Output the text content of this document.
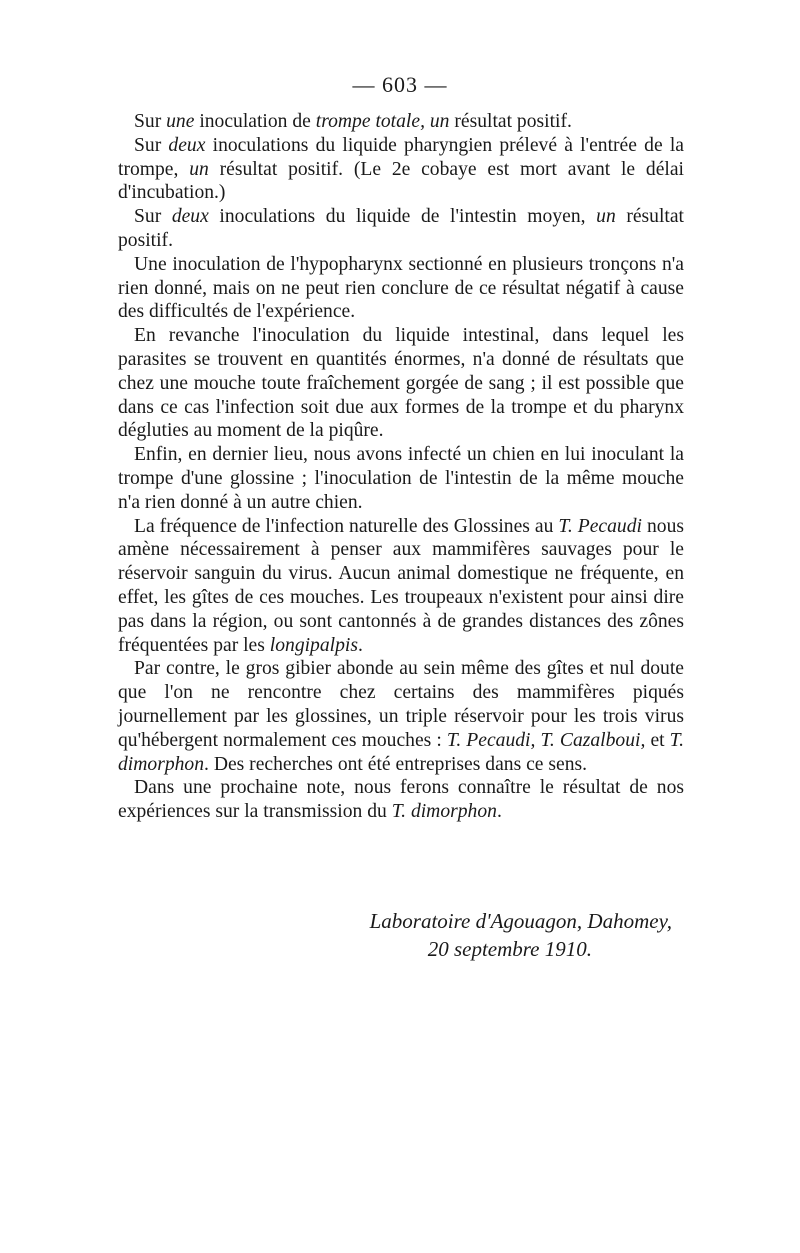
— 603 —

Sur une inoculation de trompe totale, un résultat positif.

Sur deux inoculations du liquide pharyngien prélevé à l'entrée de la trompe, un résultat positif. (Le 2e cobaye est mort avant le délai d'incubation.)

Sur deux inoculations du liquide de l'intestin moyen, un résultat positif.

Une inoculation de l'hypopharynx sectionné en plusieurs tronçons n'a rien donné, mais on ne peut rien conclure de ce résultat négatif à cause des difficultés de l'expérience.

En revanche l'inoculation du liquide intestinal, dans lequel les parasites se trouvent en quantités énormes, n'a donné de résultats que chez une mouche toute fraîchement gorgée de sang ; il est possible que dans ce cas l'infection soit due aux formes de la trompe et du pharynx dégluties au moment de la piqûre.

Enfin, en dernier lieu, nous avons infecté un chien en lui inoculant la trompe d'une glossine ; l'inoculation de l'intestin de la même mouche n'a rien donné à un autre chien.

La fréquence de l'infection naturelle des Glossines au T. Pecaudi nous amène nécessairement à penser aux mammifères sauvages pour le réservoir sanguin du virus. Aucun animal domestique ne fréquente, en effet, les gîtes de ces mouches. Les troupeaux n'existent pour ainsi dire pas dans la région, ou sont cantonnés à de grandes distances des zônes fréquentées par les longipalpis.

Par contre, le gros gibier abonde au sein même des gîtes et nul doute que l'on ne rencontre chez certains des mammifères piqués journellement par les glossines, un triple réservoir pour les trois virus qu'hébergent normalement ces mouches : T. Pecaudi, T. Cazalboui, et T. dimorphon. Des recherches ont été entreprises dans ce sens.

Dans une prochaine note, nous ferons connaître le résultat de nos expériences sur la transmission du T. dimorphon.

Laboratoire d'Agouagon, Dahomey,
20 septembre 1910.
